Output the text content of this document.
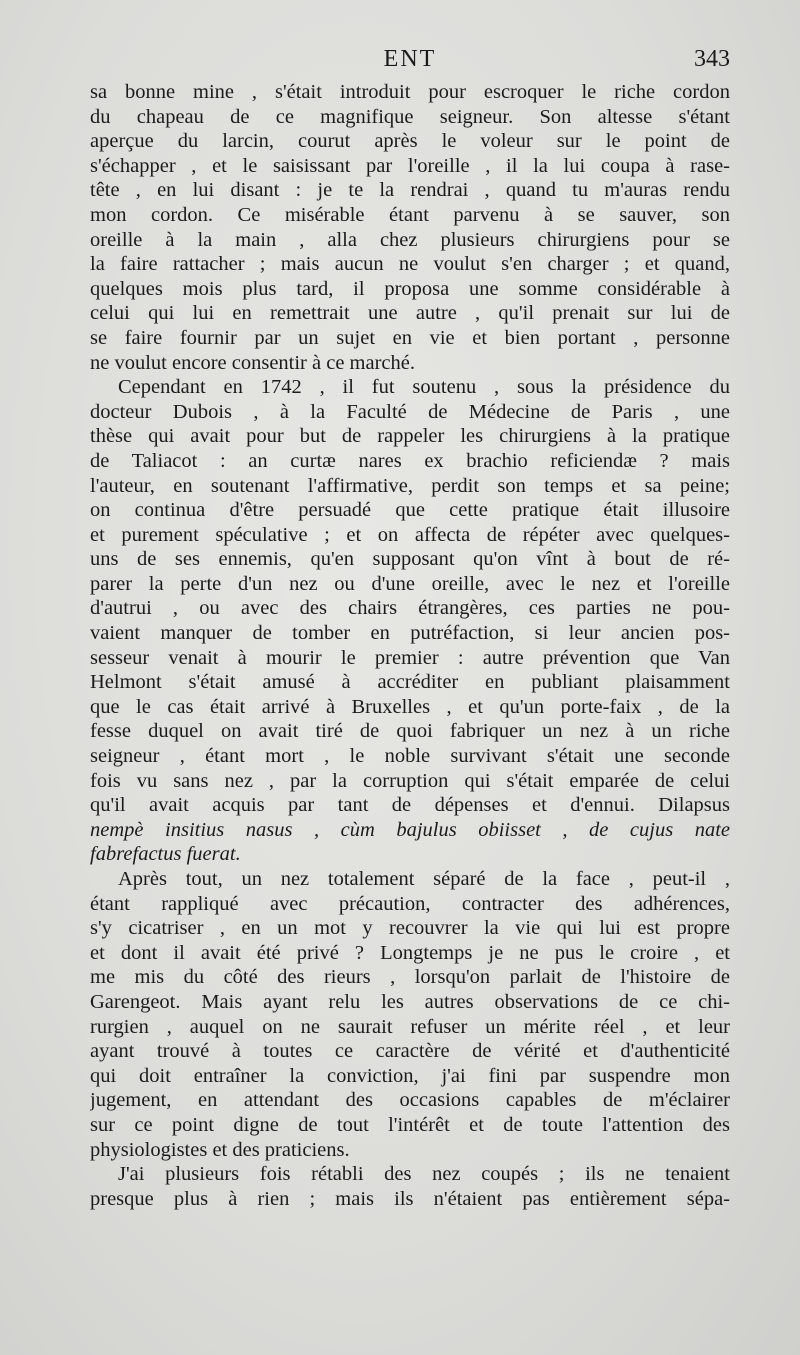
ENT	343
sa bonne mine , s'était introduit pour escroquer le riche cordon
du chapeau de ce magnifique seigneur. Son altesse s'étant
aperçue du larcin, courut après le voleur sur le point de
s'échapper , et le saisissant par l'oreille , il la lui coupa à rase-
tête , en lui disant : je te la rendrai , quand tu m'auras rendu
mon cordon. Ce misérable étant parvenu à se sauver, son
oreille à la main , alla chez plusieurs chirurgiens pour se
la faire rattacher ; mais aucun ne voulut s'en charger ; et quand,
quelques mois plus tard, il proposa une somme considérable à
celui qui lui en remettrait une autre , qu'il prenait sur lui de
se faire fournir par un sujet en vie et bien portant , personne
ne voulut encore consentir à ce marché.
Cependant en 1742 , il fut soutenu , sous la présidence du
docteur Dubois , à la Faculté de Médecine de Paris , une
thèse qui avait pour but de rappeler les chirurgiens à la pratique
de Taliacot : an curtæ nares ex brachio reficiendæ ? mais
l'auteur, en soutenant l'affirmative, perdit son temps et sa peine;
on continua d'être persuadé que cette pratique était illusoire
et purement spéculative ; et on affecta de répéter avec quelques-
uns de ses ennemis, qu'en supposant qu'on vînt à bout de ré-
parer la perte d'un nez ou d'une oreille, avec le nez et l'oreille
d'autrui , ou avec des chairs étrangères, ces parties ne pou-
vaient manquer de tomber en putréfaction, si leur ancien pos-
sesseur venait à mourir le premier : autre prévention que Van
Helmont s'était amusé à accréditer en publiant plaisamment
que le cas était arrivé à Bruxelles , et qu'un porte-faix , de la
fesse duquel on avait tiré de quoi fabriquer un nez à un riche
seigneur , étant mort , le noble survivant s'était une seconde
fois vu sans nez , par la corruption qui s'était emparée de celui
qu'il avait acquis par tant de dépenses et d'ennui. Dilapsus
nempè insitius nasus , cùm bajulus obiisset , de cujus nate
fabrefactus fuerat.
Après tout, un nez totalement séparé de la face , peut-il ,
étant rappliqué avec précaution, contracter des adhérences,
s'y cicatriser , en un mot y recouvrer la vie qui lui est propre
et dont il avait été privé ? Longtemps je ne pus le croire , et
me mis du côté des rieurs , lorsqu'on parlait de l'histoire de
Garengeot. Mais ayant relu les autres observations de ce chi-
rurgien , auquel on ne saurait refuser un mérite réel , et leur
ayant trouvé à toutes ce caractère de vérité et d'authenticité
qui doit entraîner la conviction, j'ai fini par suspendre mon
jugement, en attendant des occasions capables de m'éclairer
sur ce point digne de tout l'intérêt et de toute l'attention des
physiologistes et des praticiens.
J'ai plusieurs fois rétabli des nez coupés ; ils ne tenaient
presque plus à rien ; mais ils n'étaient pas entièrement sépa-
